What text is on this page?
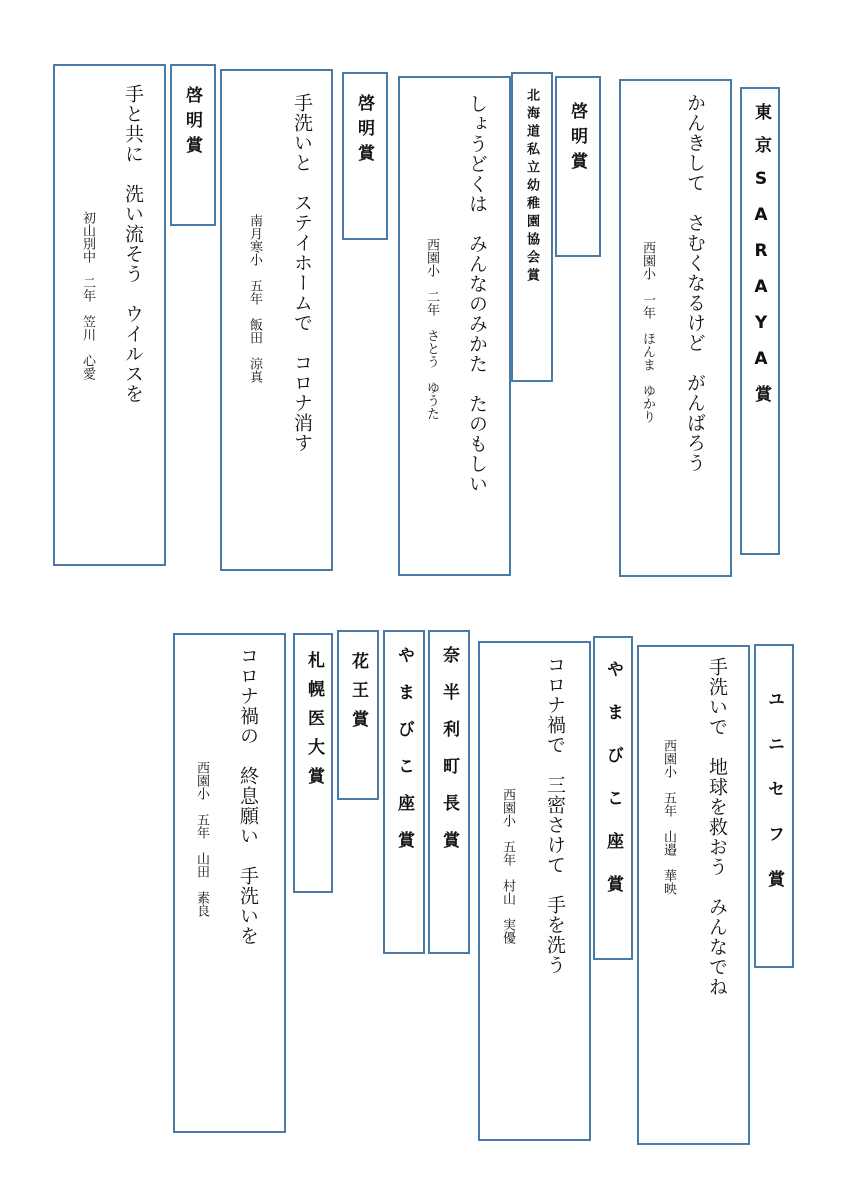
手と共に　洗い流そう　ウイルスを
初山別中　二年　笠川　心愛
啓明賞	手洗いと　ステイホームで　コロナ消す
南月寒小　五年　飯田　涼真
啓明賞	しょうどくは　みんなのみかた　たのもしい
西園小　二年　さとう　ゆうた
北海道私立幼稚園協会賞 啓明賞	かんきして　さむくなるけど　がんばろう
西園小　一年　ほんま　ゆかり	東京SARAYA賞
コロナ禍の　終息願い　手洗いを
西園小　五年　山田　素良
札幌医大賞 花王賞 やまびこ座賞 奈半利町長賞	コロナ禍で　三密さけて　手を洗う
西園小　五年　村山　実優	やまびこ座賞	手洗いで　地球を救おう　みんなでね
西園小　五年　山邉　華映	ユニセフ賞
